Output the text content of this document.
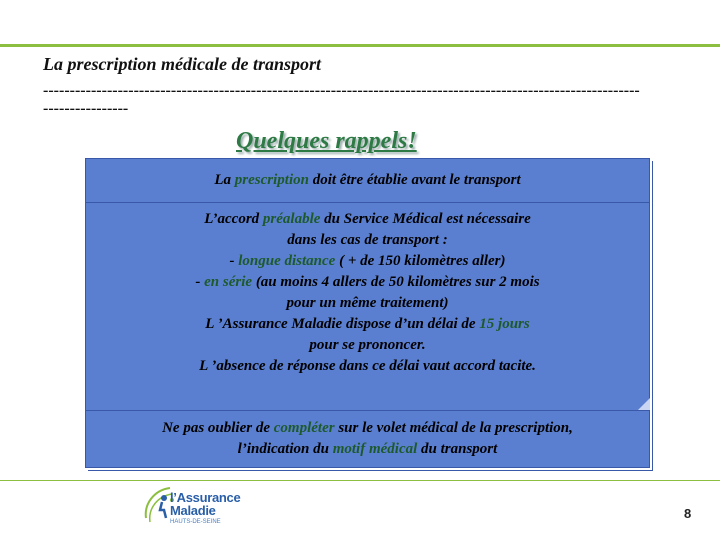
La prescription médicale de transport
--------------------------------------------------------------------------------------------------------------------------------
Quelques rappels!
La prescription doit être établie avant le transport
L’accord préalable du Service Médical est nécessaire
dans les cas de transport :
- longue distance ( + de 150 kilomètres aller)
- en série (au moins 4 allers de 50 kilomètres sur 2 mois
pour un même traitement)
L ’Assurance Maladie dispose d’un délai de 15 jours
pour se prononcer.
L ’absence de réponse dans ce délai vaut accord tacite.
Ne pas oublier de compléter sur le volet médical de la prescription,
l’indication du motif médical du transport
l’Assurance
Maladie
HAUTS-DE-SEINE
8
